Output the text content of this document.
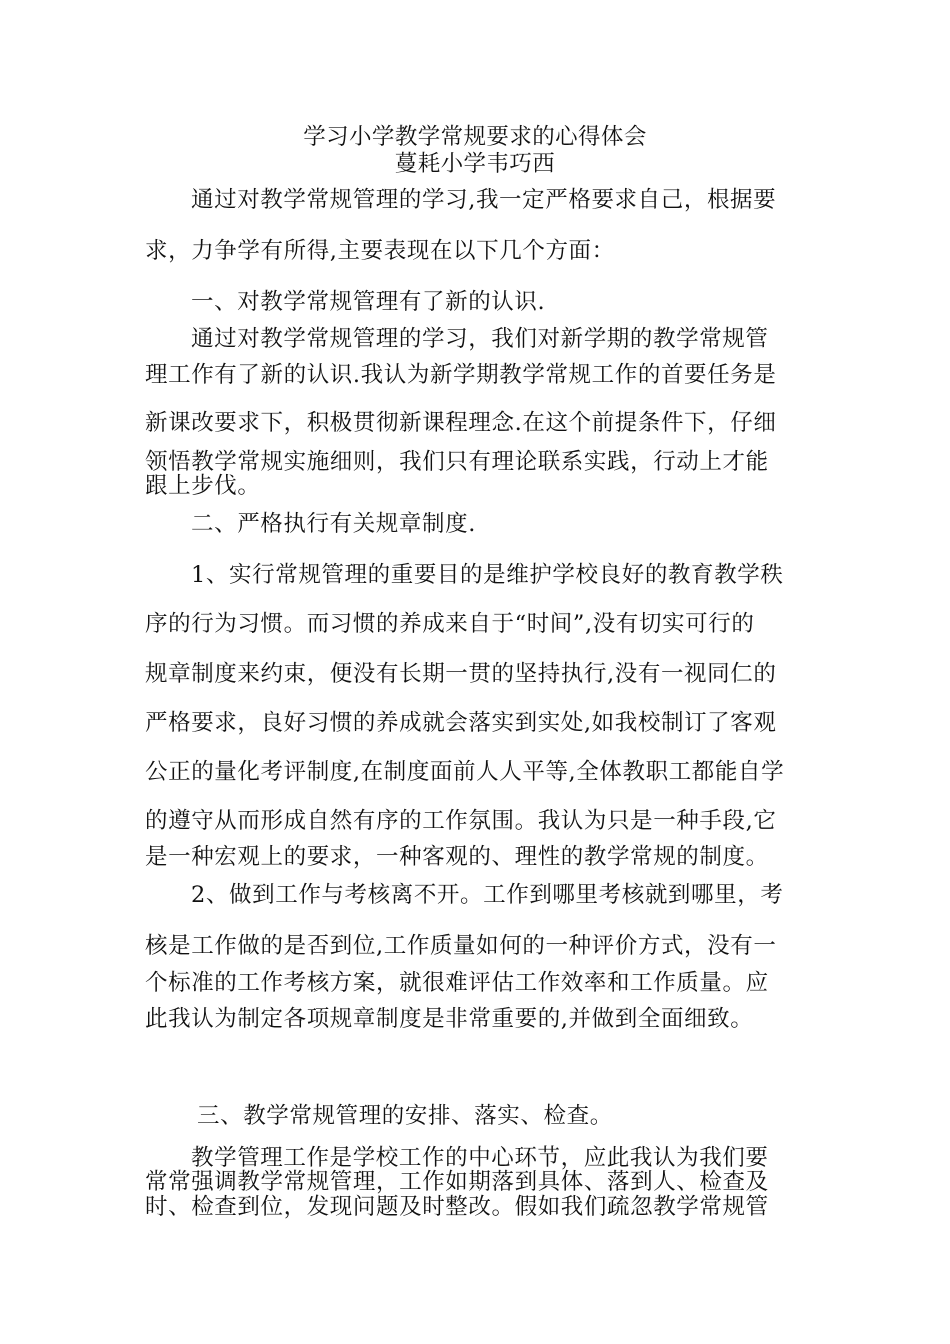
学习小学教学常规要求的心得体会
蔓耗小学韦巧西
通过对教学常规管理的学习,我一定严格要求自己，根据要
求，力争学有所得,主要表现在以下几个方面：
一、对教学常规管理有了新的认识.
通过对教学常规管理的学习，我们对新学期的教学常规管
理工作有了新的认识.我认为新学期教学常规工作的首要任务是
新课改要求下，积极贯彻新课程理念.在这个前提条件下，仔细
领悟教学常规实施细则，我们只有理论联系实践，行动上才能
跟上步伐。
二、严格执行有关规章制度.
1、实行常规管理的重要目的是维护学校良好的教育教学秩
序的行为习惯。而习惯的养成来自于“时间”,没有切实可行的
规章制度来约束，便没有长期一贯的坚持执行,没有一视同仁的
严格要求，良好习惯的养成就会落实到实处,如我校制订了客观
公正的量化考评制度,在制度面前人人平等,全体教职工都能自学
的遵守从而形成自然有序的工作氛围。我认为只是一种手段,它
是一种宏观上的要求，一种客观的、理性的教学常规的制度。
2、做到工作与考核离不开。工作到哪里考核就到哪里，考
核是工作做的是否到位,工作质量如何的一种评价方式，没有一
个标准的工作考核方案，就很难评估工作效率和工作质量。应
此我认为制定各项规章制度是非常重要的,并做到全面细致。
三、教学常规管理的安排、落实、检查。
教学管理工作是学校工作的中心环节，应此我认为我们要
常常强调教学常规管理，工作如期落到具体、落到人、检查及
时、检查到位，发现问题及时整改。假如我们疏忽教学常规管
